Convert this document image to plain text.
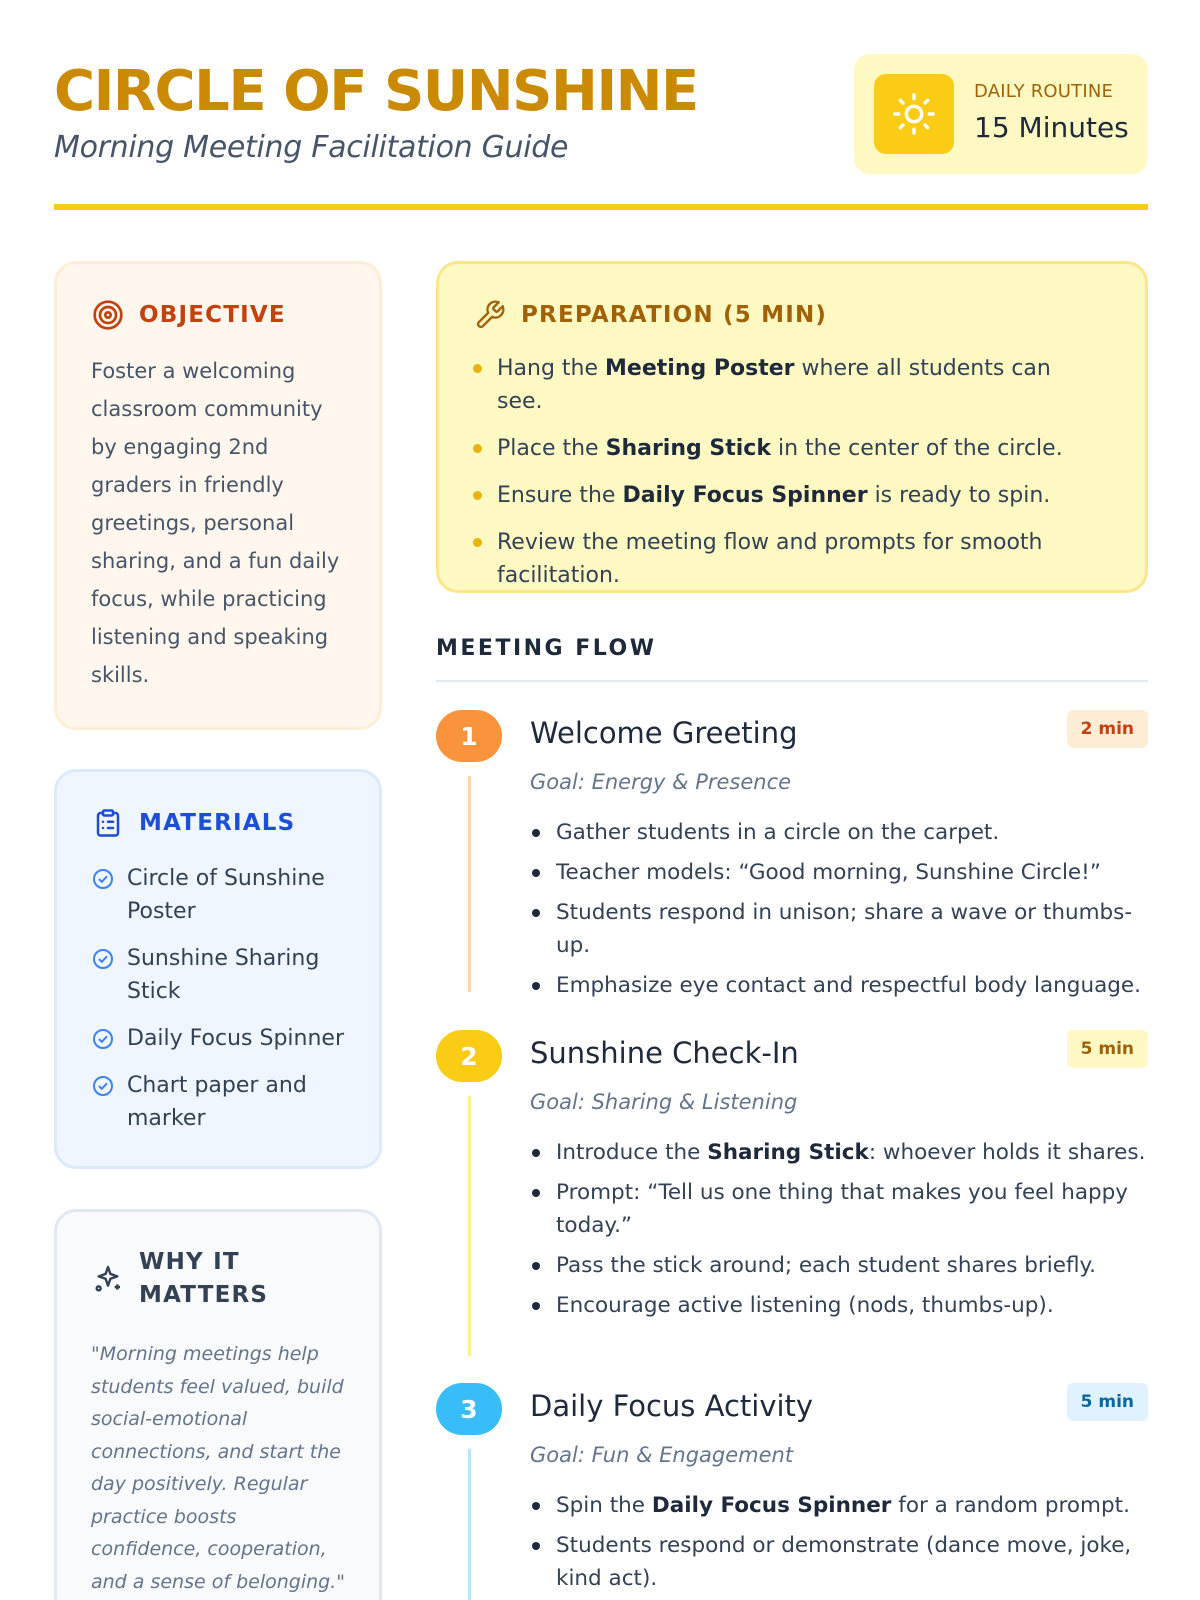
CIRCLE OF SUNSHINE
Morning Meeting Facilitation Guide
DAILY ROUTINE
15 Minutes
OBJECTIVE
Foster a welcoming classroom community by engaging 2nd graders in friendly greetings, personal sharing, and a fun daily focus, while practicing listening and speaking skills.
MATERIALS
Circle of Sunshine Poster
Sunshine Sharing Stick
Daily Focus Spinner
Chart paper and marker
WHY IT MATTERS
"Morning meetings help students feel valued, build social-emotional connections, and start the day positively. Regular practice boosts confidence, cooperation, and a sense of belonging."
PREPARATION (5 MIN)
Hang the Meeting Poster where all students can see.
Place the Sharing Stick in the center of the circle.
Ensure the Daily Focus Spinner is ready to spin.
Review the meeting flow and prompts for smooth facilitation.
MEETING FLOW
1	Welcome Greeting	2 min
Goal: Energy & Presence
Gather students in a circle on the carpet.
Teacher models: “Good morning, Sunshine Circle!”
Students respond in unison; share a wave or thumbs-up.
Emphasize eye contact and respectful body language.
2	Sunshine Check-In	5 min
Goal: Sharing & Listening
Introduce the Sharing Stick: whoever holds it shares.
Prompt: “Tell us one thing that makes you feel happy today.”
Pass the stick around; each student shares briefly.
Encourage active listening (nods, thumbs-up).
3	Daily Focus Activity	5 min
Goal: Fun & Engagement
Spin the Daily Focus Spinner for a random prompt.
Students respond or demonstrate (dance move, joke, kind act).
